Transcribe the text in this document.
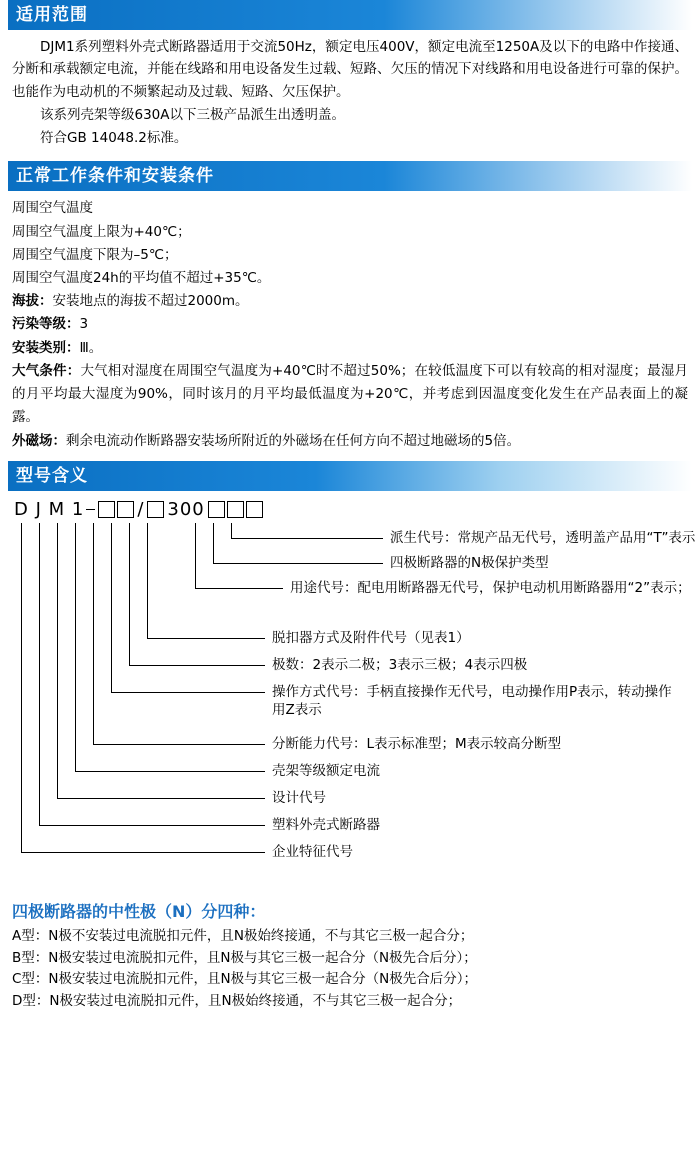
适用范围

DJM1系列塑料外壳式断路器适用于交流50Hz，额定电压400V，额定电流至1250A及以下的电路中作接通、分断和承载额定电流，并能在线路和用电设备发生过载、短路、欠压的情况下对线路和用电设备进行可靠的保护。也能作为电动机的不频繁起动及过载、短路、欠压保护。

该系列壳架等级630A以下三极产品派生出透明盖。

符合GB 14048.2标准。

正常工作条件和安装条件
周围空气温度
周围空气温度上限为+40℃；
周围空气温度下限为–5℃；
周围空气温度24h的平均值不超过+35℃。
海拔：安装地点的海拔不超过2000m。
污染等级：3
安装类别：Ⅲ。
大气条件：大气相对湿度在周围空气温度为+40℃时不超过50%；在较低温度下可以有较高的相对湿度；最湿月的月平均最大湿度为90%，同时该月的月平均最低温度为+20℃，并考虑到因温度变化发生在产品表面上的凝露。
外磁场：剩余电流动作断路器安装场所附近的外磁场在任何方向不超过地磁场的5倍。
型号含义
D J M 1	/ 300
派生代号：常规产品无代号，透明盖产品用“T”表示
四极断路器的N极保护类型
用途代号：配电用断路器无代号，保护电动机用断路器用“2”表示；
脱扣器方式及附件代号（见表1）
极数：2表示二极；3表示三极；4表示四极
操作方式代号：手柄直接操作无代号，电动操作用P表示，转动操作用Z表示
分断能力代号：L表示标准型；M表示较高分断型
壳架等级额定电流
设计代号
塑料外壳式断路器
企业特征代号
四极断路器的中性极（N）分四种：
A型：N极不安装过电流脱扣元件，且N极始终接通，不与其它三极一起合分；
B型：N极安装过电流脱扣元件，且N极与其它三极一起合分（N极先合后分）；
C型：N极安装过电流脱扣元件，且N极与其它三极一起合分（N极先合后分）；
D型：N极安装过电流脱扣元件，且N极始终接通，不与其它三极一起合分；
